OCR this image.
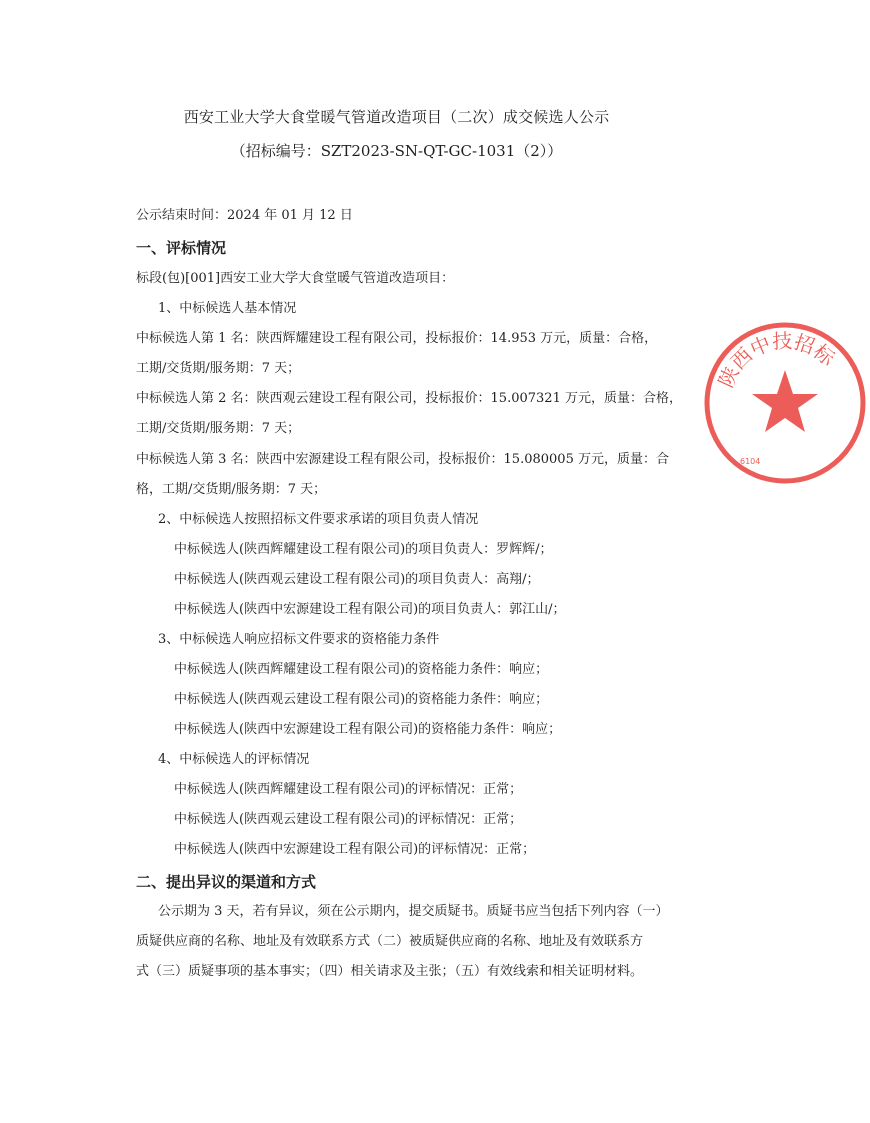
西安工业大学大食堂暖气管道改造项目（二次）成交候选人公示
（招标编号：SZT2023-SN-QT-GC-1031（2））
公示结束时间：2024 年 01 月 12 日
一、评标情况
标段(包)[001]西安工业大学大食堂暖气管道改造项目：
1、中标候选人基本情况
中标候选人第 1 名：陕西辉耀建设工程有限公司，投标报价：14.953 万元，质量：合格，
工期/交货期/服务期：7 天；
中标候选人第 2 名：陕西观云建设工程有限公司，投标报价：15.007321 万元，质量：合格，
工期/交货期/服务期：7 天；
中标候选人第 3 名：陕西中宏源建设工程有限公司，投标报价：15.080005 万元，质量：合
格，工期/交货期/服务期：7 天；
2、中标候选人按照招标文件要求承诺的项目负责人情况
中标候选人(陕西辉耀建设工程有限公司)的项目负责人：罗辉辉/；
中标候选人(陕西观云建设工程有限公司)的项目负责人：高翔/；
中标候选人(陕西中宏源建设工程有限公司)的项目负责人：郭江山/；
3、中标候选人响应招标文件要求的资格能力条件
中标候选人(陕西辉耀建设工程有限公司)的资格能力条件：响应；
中标候选人(陕西观云建设工程有限公司)的资格能力条件：响应；
中标候选人(陕西中宏源建设工程有限公司)的资格能力条件：响应；
4、中标候选人的评标情况
中标候选人(陕西辉耀建设工程有限公司)的评标情况：正常；
中标候选人(陕西观云建设工程有限公司)的评标情况：正常；
中标候选人(陕西中宏源建设工程有限公司)的评标情况：正常；
二、提出异议的渠道和方式
公示期为 3 天，若有异议，须在公示期内，提交质疑书。质疑书应当包括下列内容（一）
质疑供应商的名称、地址及有效联系方式（二）被质疑供应商的名称、地址及有效联系方
式（三）质疑事项的基本事实；（四）相关请求及主张；（五）有效线索和相关证明材料。
陕西中技招标
6104
